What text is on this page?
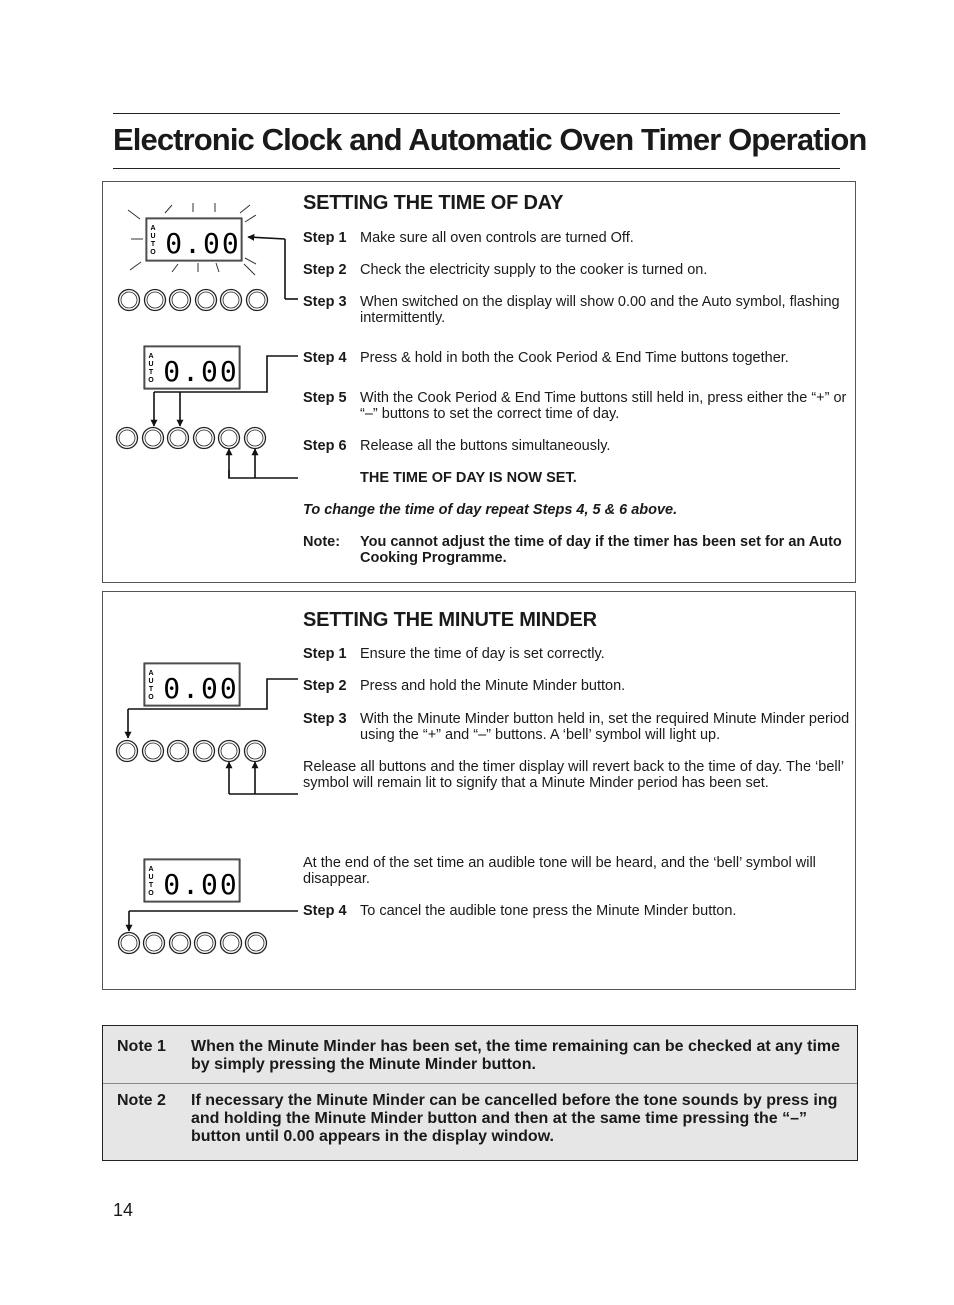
Electronic Clock and Automatic Oven Timer Operation
SETTING THE TIME OF DAY
Step 1 Make sure all oven controls are turned Off.
Step 2 Check the electricity supply to the cooker is turned on.
Step 3 When switched on the display will show 0.00 and the Auto symbol, flashing intermittently.
Step 4 Press & hold in both the Cook Period & End Time buttons together.
Step 5 With the Cook Period & End Time buttons still held in, press either the “+” or “–” buttons to set the correct time of day.
Step 6 Release all the buttons simultaneously.
THE TIME OF DAY IS NOW SET.
To change the time of day repeat Steps 4, 5 & 6 above.
Note:	You cannot adjust the time of day if the timer has been set for an Auto Cooking Programme.
SETTING THE MINUTE MINDER
Step 1 Ensure the time of day is set correctly.
Step 2 Press and hold the Minute Minder button.
Step 3 With the Minute Minder button held in, set the required Minute Minder period using the “+” and “–” buttons. A ‘bell’ symbol will light up.
Release all buttons and the timer display will revert back to the time of day. The ‘bell’ symbol will remain lit to signify that a Minute Minder period has been set.
At the end of the set time an audible tone will be heard, and the ‘bell’ symbol will disappear.
Step 4 To cancel the audible tone press the Minute Minder button.
A
U
T
O 0.00
A
U
T
O 0.00
A
U
T
O 0.00
A
U
T
O 0.00
Note 1	When the Minute Minder has been set, the time remaining can be checked at any time by simply pressing the Minute Minder button.
Note 2	If necessary the Minute Minder can be cancelled before the tone sounds by press ing and holding the Minute Minder button and then at the same time pressing the “–” button until 0.00 appears in the display window.
14
